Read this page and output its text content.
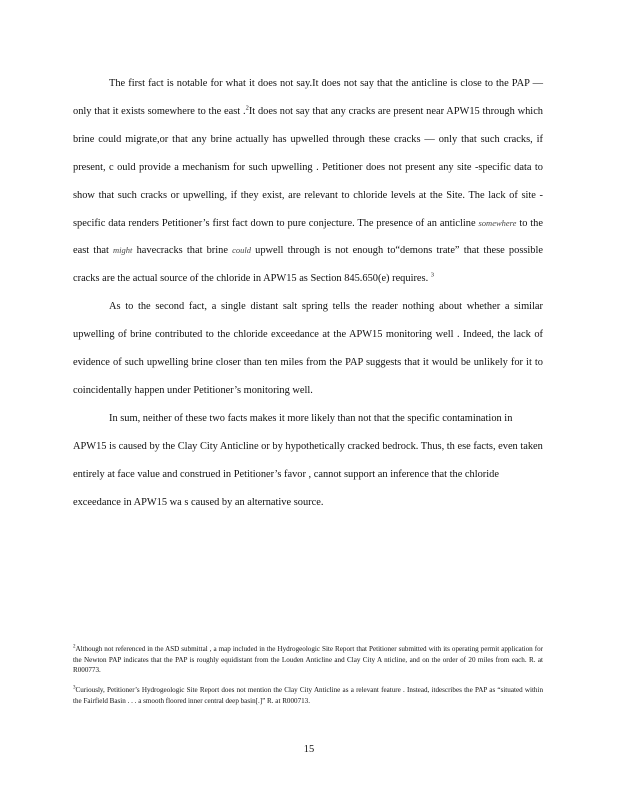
The first fact is notable for what it does not say.It does not say that the anticline is close to the PAP — only that it exists somewhere to the east .$^2$It does not say that any cracks are present near APW15 through which brine could migrate,or that any brine actually has upwelled through these cracks — only that such cracks, if present, c ould provide a mechanism for such upwelling . Petitioner does not present any site -specific data to show that such cracks or upwelling, if they exist, are relevant to chloride levels at the Site. The lack of site -specific data renders Petitioner’s first fact down to pure conjecture. The presence of an anticline somewhere to the east that might havecracks that brine could upwell through is not enough to“demons trate” that these possible cracks are the actual source of the chloride in APW15 as Section 845.650(e) requires. $^3$

As to the second fact, a single distant salt spring tells the reader nothing about whether a similar upwelling of brine contributed to the chloride exceedance at the APW15 monitoring well . Indeed, the lack of evidence of such upwelling brine closer than ten miles from the PAP suggests that it would be unlikely for it to coincidentally happen under Petitioner’s monitoring well.

In sum, neither of these two facts makes it more likely than not that the specific contamination in APW15 is caused by the Clay City Anticline or by hypothetically cracked bedrock. Thus, th ese facts, even taken entirely at face value and construed in Petitioner’s favor , cannot support an inference that the chloride exceedance in APW15 wa s caused by an alternative source.

$^2$Although not referenced in the ASD submittal , a map included in the Hydrogeologic Site Report that Petitioner submitted with its operating permit application for the Newton PAP indicates that the PAP is roughly equidistant from the Louden Anticline and Clay City A nticline, and on the order of 20 miles from each. R. at R000773.

$^3$Curiously, Petitioner’s Hydrogeologic Site Report does not mention the Clay City Anticline as a relevant feature . Instead, itdescribes the PAP as “situated within the Fairfield Basin . . . a smooth floored inner central deep basin[.]” R. at R000713.

15
